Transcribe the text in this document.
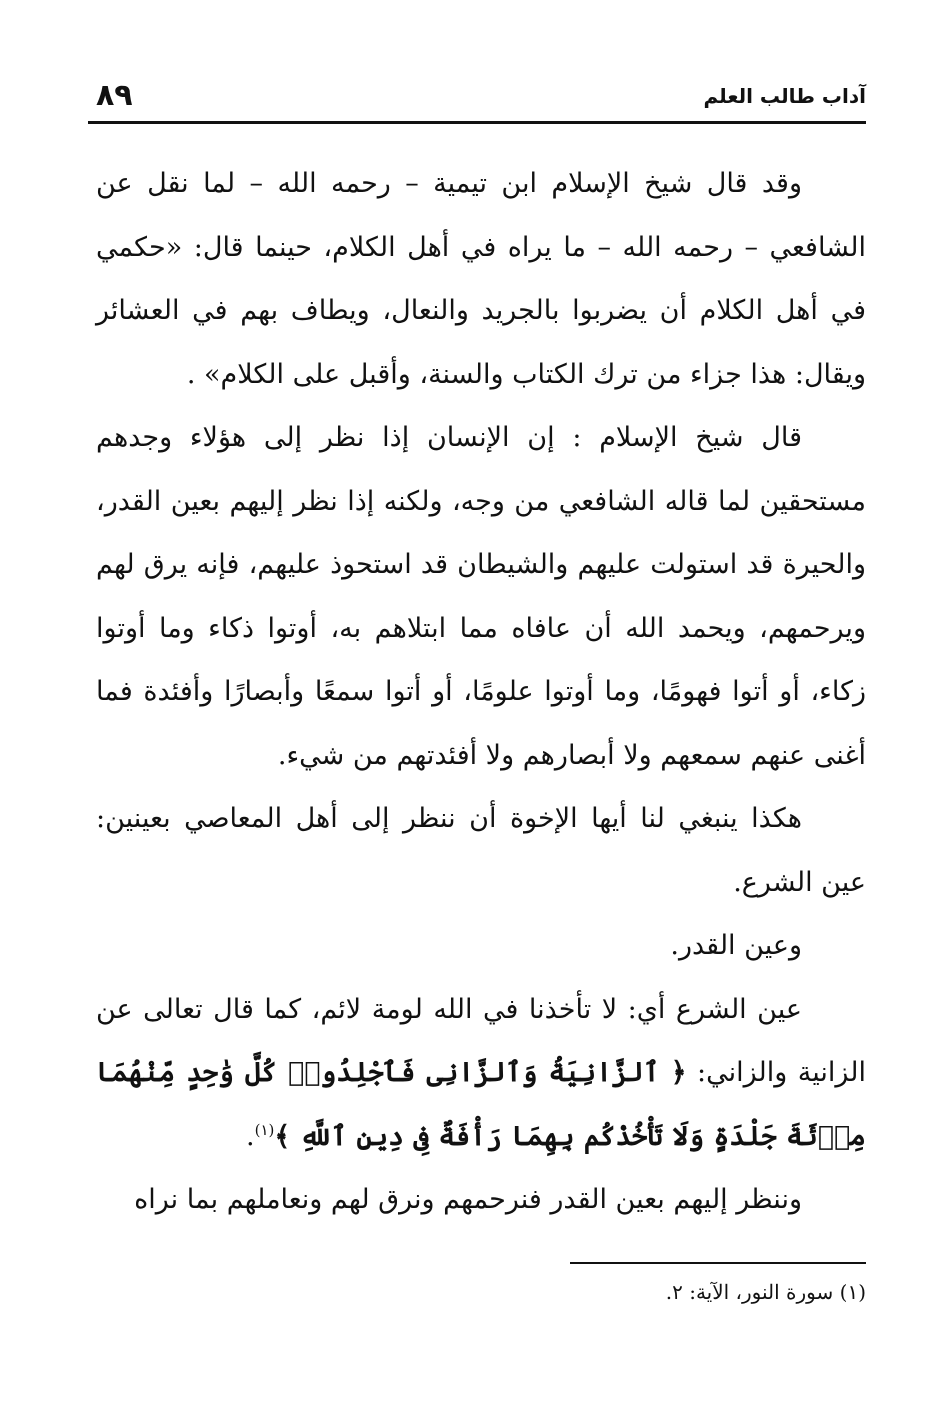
آداب طالب العلم
٨٩

وقد قال شيخ الإسلام ابن تيمية – رحمه الله – لما نقل عن الشافعي – رحمه الله – ما يراه في أهل الكلام، حينما قال: «حكمي في أهل الكلام أن يضربوا بالجريد والنعال، ويطاف بهم في العشائر ويقال: هذا جزاء من ترك الكتاب والسنة، وأقبل على الكلام» .

قال شيخ الإسلام : إن الإنسان إذا نظر إلى هؤلاء وجدهم مستحقين لما قاله الشافعي من وجه، ولكنه إذا نظر إليهم بعين القدر، والحيرة قد استولت عليهم والشيطان قد استحوذ عليهم، فإنه يرق لهم ويرحمهم، ويحمد الله أن عافاه مما ابتلاهم به، أوتوا ذكاء وما أوتوا زكاء، أو أتوا فهومًا، وما أوتوا علومًا، أو أتوا سمعًا وأبصارًا وأفئدة فما أغنى عنهم سمعهم ولا أبصارهم ولا أفئدتهم من شيء.

هكذا ينبغي لنا أيها الإخوة أن ننظر إلى أهل المعاصي بعينين: عين الشرع.

وعين القدر.

عين الشرع أي: لا تأخذنا في الله لومة لائم، كما قال تعالى عن الزانية والزاني: ﴿ ٱلزَّانِيَةُ وَٱلزَّانِى فَٱجْلِدُوا۟ كُلَّ وَٰحِدٍ مِّنْهُمَا مِا۟ئَةَ جَلْدَةٍ وَلَا تَأْخُذْكُم بِهِمَا رَأْفَةٌ فِى دِينِ ٱللَّهِ ﴾$^{(١)}$.

وننظر إليهم بعين القدر فنرحمهم ونرق لهم ونعاملهم بما نراه

(١) سورة النور، الآية: ٢.
